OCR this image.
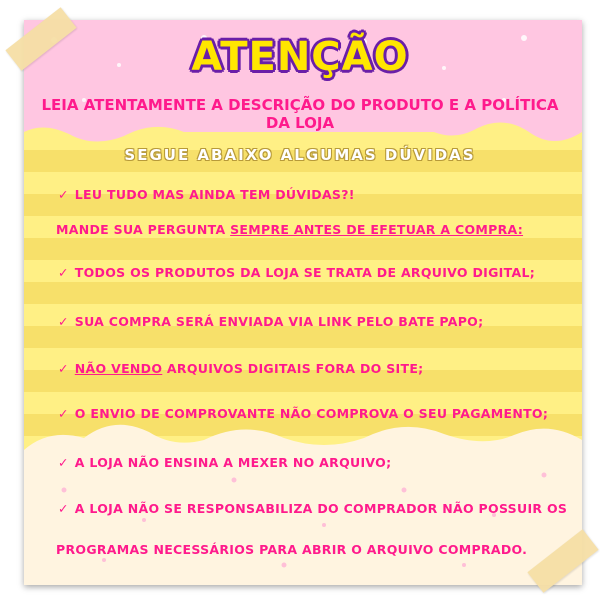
ATENÇÃO
LEIA ATENTAMENTE A DESCRIÇÃO DO PRODUTO E A POLÍTICA DA LOJA
SEGUE ABAIXO ALGUMAS DÚVIDAS
✓ LEU TUDO MAS AINDA TEM DÚVIDAS?!
MANDE SUA PERGUNTA SEMPRE ANTES DE EFETUAR A COMPRA:
✓ TODOS OS PRODUTOS DA LOJA SE TRATA DE ARQUIVO DIGITAL;
✓ SUA COMPRA SERÁ ENVIADA VIA LINK PELO BATE PAPO;
✓ NÃO VENDO ARQUIVOS DIGITAIS FORA DO SITE;
✓ O ENVIO DE COMPROVANTE NÃO COMPROVA O SEU PAGAMENTO;
✓ A LOJA NÃO ENSINA A MEXER NO ARQUIVO;
✓ A LOJA NÃO SE RESPONSABILIZA DO COMPRADOR NÃO POSSUIR OS
PROGRAMAS NECESSÁRIOS PARA ABRIR O ARQUIVO COMPRADO.
